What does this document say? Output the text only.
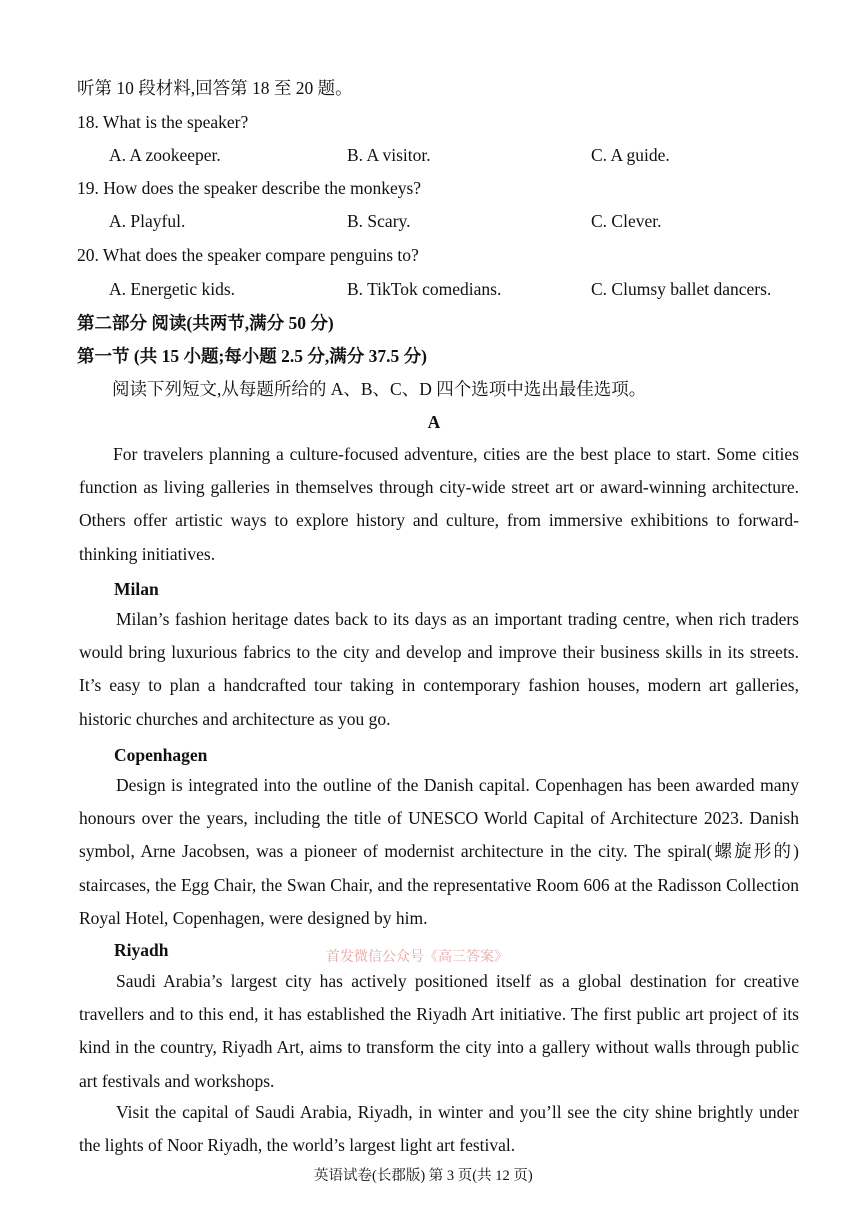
听第 10 段材料,回答第 18 至 20 题。
18. What is the speaker?
A. A zookeeper.	B. A visitor.	C. A guide.
19. How does the speaker describe the monkeys?
A. Playful.	B. Scary.	C. Clever.
20. What does the speaker compare penguins to?
A. Energetic kids.	B. TikTok comedians.	C. Clumsy ballet dancers.
第二部分 阅读(共两节,满分 50 分)
第一节 (共 15 小题;每小题 2.5 分,满分 37.5 分)
阅读下列短文,从每题所给的 A、B、C、D 四个选项中选出最佳选项。
A
For travelers planning a culture-focused adventure, cities are the best place to start. Some cities function as living galleries in themselves through city-wide street art or award-winning architecture. Others offer artistic ways to explore history and culture, from immersive exhibitions to forward-thinking initiatives.
Milan
Milan’s fashion heritage dates back to its days as an important trading centre, when rich traders would bring luxurious fabrics to the city and develop and improve their business skills in its streets. It’s easy to plan a handcrafted tour taking in contemporary fashion houses, modern art galleries, historic churches and architecture as you go.
Copenhagen
Design is integrated into the outline of the Danish capital. Copenhagen has been awarded many honours over the years, including the title of UNESCO World Capital of Architecture 2023. Danish symbol, Arne Jacobsen, was a pioneer of modernist architecture in the city. The spiral(螺旋形的) staircases, the Egg Chair, the Swan Chair, and the representative Room 606 at the Radisson Collection Royal Hotel, Copenhagen, were designed by him.
Riyadh	首发微信公众号《高三答案》
Saudi Arabia’s largest city has actively positioned itself as a global destination for creative travellers and to this end, it has established the Riyadh Art initiative. The first public art project of its kind in the country, Riyadh Art, aims to transform the city into a gallery without walls through public art festivals and workshops.
Visit the capital of Saudi Arabia, Riyadh, in winter and you’ll see the city shine brightly under the lights of Noor Riyadh, the world’s largest light art festival.
英语试卷(长郡版) 第 3 页(共 12 页)
